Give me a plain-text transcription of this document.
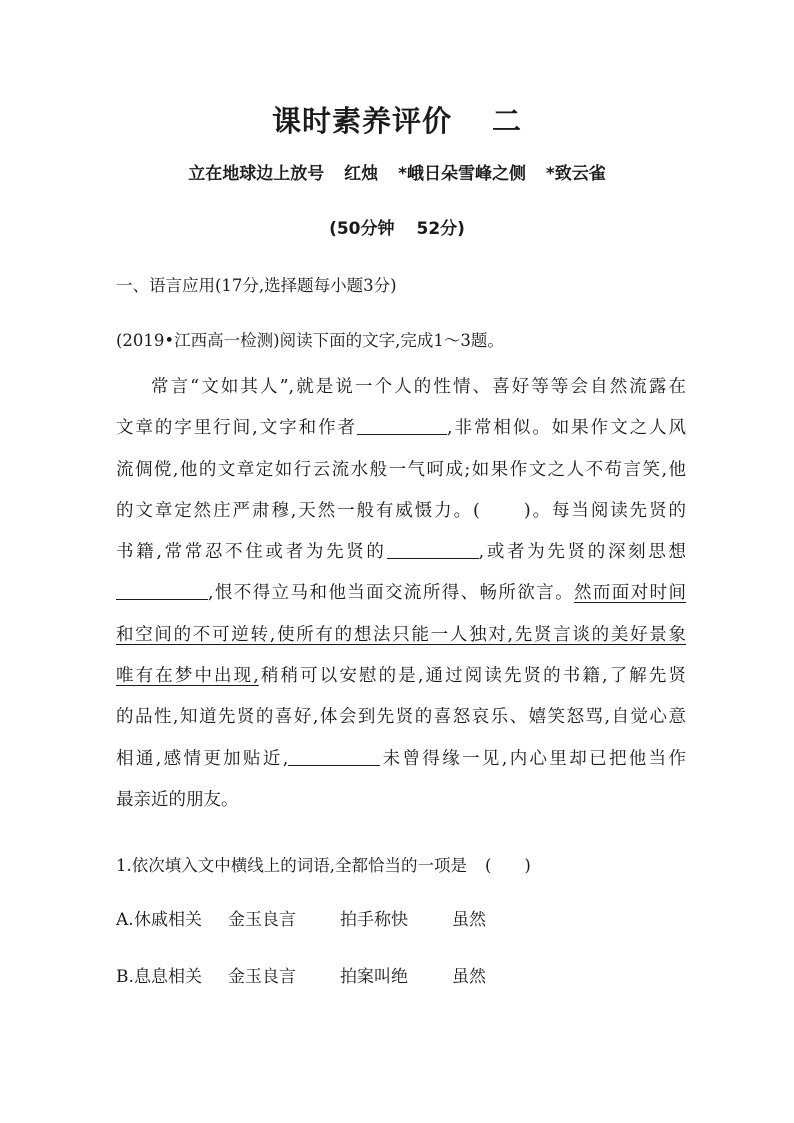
课时素养评价 二
立在地球边上放号 红烛 *峨日朵雪峰之侧 *致云雀
(50分钟 52分)
一、语言应用(17分,选择题每小题3分)
(2019•江西高一检测)阅读下面的文字,完成1～3题。
常言“文如其人”,就是说一个人的性情、喜好等等会自然流露在
文章的字里行间,文字和作者	,非常相似。如果作文之人风
流倜傥,他的文章定如行云流水般一气呵成;如果作文之人不苟言笑,他
的文章定然庄严肃穆,天然一般有威慑力。(	)。每当阅读先贤的
书籍,常常忍不住或者为先贤的	,或者为先贤的深刻思想
,恨不得立马和他当面交流所得、畅所欲言。然而面对时间
和空间的不可逆转,使所有的想法只能一人独对,先贤言谈的美好景象
唯有在梦中出现,稍稍可以安慰的是,通过阅读先贤的书籍,了解先贤
的品性,知道先贤的喜好,体会到先贤的喜怒哀乐、嬉笑怒骂,自觉心意
相通,感情更加贴近,	未曾得缘一见,内心里却已把他当作
最亲近的朋友。
1.依次填入文中横线上的词语,全都恰当的一项是 (　　)
A.休戚相关 金玉良言	拍手称快	虽然
B.息息相关 金玉良言	拍案叫绝	虽然
